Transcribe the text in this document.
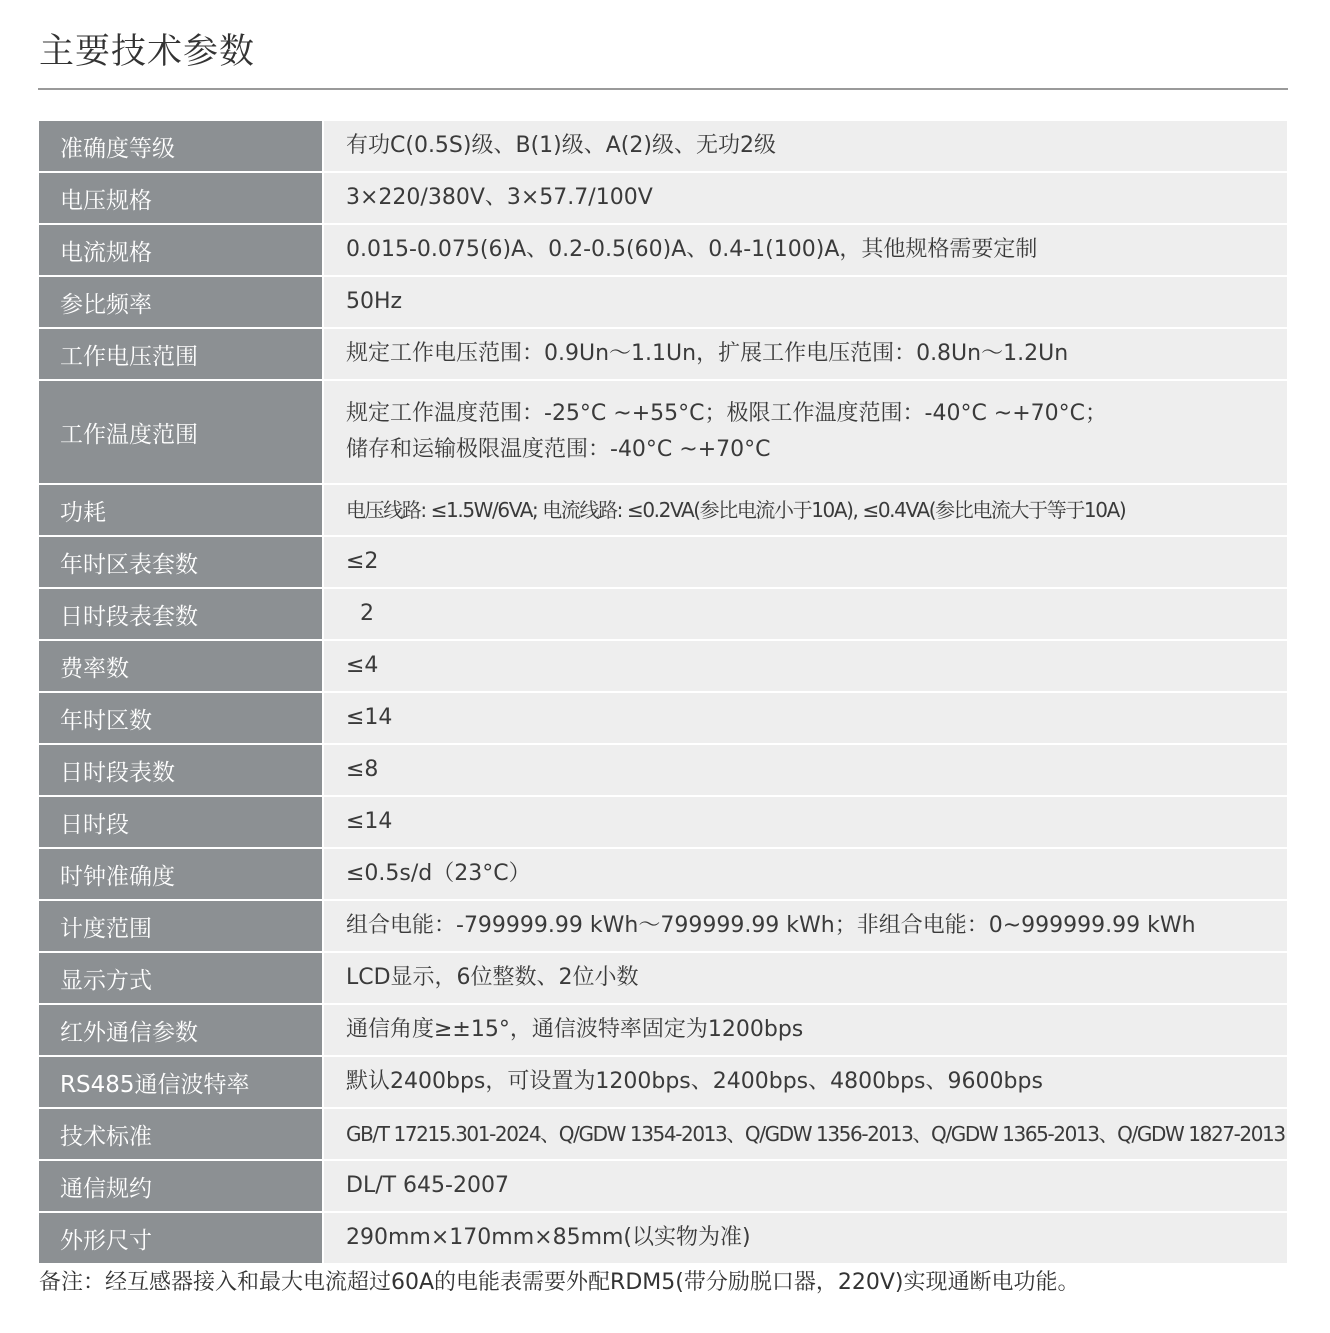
主要技术参数
准确度等级	有功C(0.5S)级、B(1)级、A(2)级、无功2级
电压规格	3×220/380V、3×57.7/100V
电流规格	0.015-0.075(6)A、0.2-0.5(60)A、0.4-1(100)A，其他规格需要定制
参比频率	50Hz
工作电压范围	规定工作电压范围：0.9Un～1.1Un，扩展工作电压范围：0.8Un～1.2Un
工作温度范围	规定工作温度范围：-25°C ~+55°C；极限工作温度范围：-40°C ~+70°C；
储存和运输极限温度范围：-40°C ~+70°C

功耗	电压线路: ≤1.5W/6VA; 电流线路: ≤0.2VA(参比电流小于10A), ≤0.4VA(参比电流大于等于10A)
年时区表套数	≤2
日时段表套数	2
费率数	≤4
年时区数	≤14
日时段表数	≤8
日时段	≤14
时钟准确度	≤0.5s/d（23°C）
计度范围	组合电能：-799999.99 kWh～799999.99 kWh；非组合电能：0~999999.99 kWh
显示方式	LCD显示，6位整数、2位小数
红外通信参数	通信角度≥±15°，通信波特率固定为1200bps
RS485通信波特率	默认2400bps，可设置为1200bps、2400bps、4800bps、9600bps
技术标准	GB/T 17215.301-2024、Q/GDW 1354-2013、Q/GDW 1356-2013、Q/GDW 1365-2013、Q/GDW 1827-2013
通信规约	DL/T 645-2007
外形尺寸	290mm×170mm×85mm(以实物为准)
备注：经互感器接入和最大电流超过60A的电能表需要外配RDM5(带分励脱口器，220V)实现通断电功能。
